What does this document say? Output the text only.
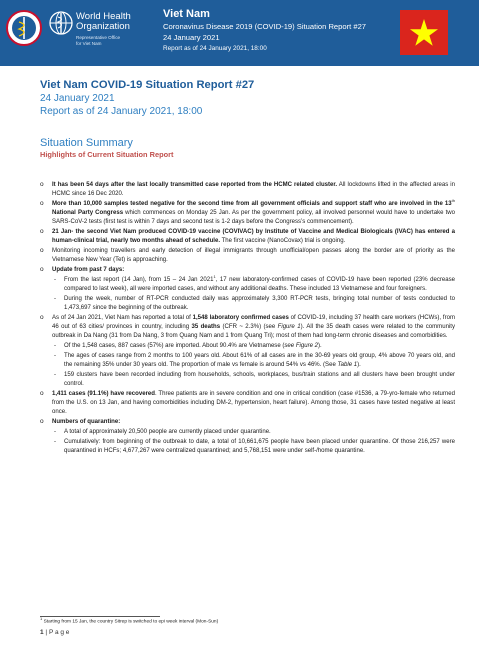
World Health
Organization
Representative Office
for Viet Nam
Viet Nam
Coronavirus Disease 2019 (COVID-19) Situation Report #27
24 January 2021
Report as of 24 January 2021, 18:00
Viet Nam COVID-19 Situation Report #27
24 January 2021
Report as of 24 January 2021, 18:00
Situation Summary
Highlights of Current Situation Report
o It has been 54 days after the last locally transmitted case reported from the HCMC related cluster. All lockdowns lifted in the affected areas in HCMC since 16 Dec 2020.
o More than 10,000 samples tested negative for the second time from all government officials and support staff who are involved in the 13th National Party Congress which commences on Monday 25 Jan. As per the government policy, all involved personnel would have to undertake two SARS-CoV-2 tests (first test is within 7 days and second test is 1-2 days before the Congress’s commencement).
o 21 Jan- the second Viet Nam produced COVID-19 vaccine (COVIVAC) by Institute of Vaccine and Medical Biologicals (IVAC) has entered a human-clinical trial, nearly two months ahead of schedule. The first vaccine (NanoCovax) trial is ongoing.
o Monitoring incoming travellers and early detection of illegal immigrants through unofficial/open passes along the border are of priority as the Vietnamese New Year (Tet) is approaching.
o Update from past 7 days:
- From the last report (14 Jan), from 15 – 24 Jan 2021$^1$, 17 new laboratory-confirmed cases of COVID-19 have been reported (23% decrease compared to last week), all were imported cases, and without any additional deaths. These included 13 Vietnamese and four foreigners.
- During the week, number of RT-PCR conducted daily was approximately 3,300 RT-PCR tests, bringing total number of tests conducted to 1,473,697 since the beginning of the outbreak.
o As of 24 Jan 2021, Viet Nam has reported a total of 1,548 laboratory confirmed cases of COVID-19, including 37 health care workers (HCWs), from 46 out of 63 cities/ provinces in country, including 35 deaths (CFR ~ 2.3%) (see Figure 1). All the 35 death cases were related to the community outbreak in Da Nang (31 from Da Nang, 3 from Quang Nam and 1 from Quang Tri); most of them had long-term chronic diseases and comorbidities.
- Of the 1,548 cases, 887 cases (57%) are imported. About 90.4% are Vietnamese (see Figure 2).
- The ages of cases range from 2 months to 100 years old. About 61% of all cases are in the 30-69 years old group, 4% above 70 years old, and the remaining 35% under 30 years old. The proportion of male vs female is around 54% vs 46%. (See Table 1).
- 159 clusters have been recorded including from households, schools, workplaces, bus/train stations and all clusters have been brought under control.
o 1,411 cases (91.1%) have recovered. Three patients are in severe condition and one in critical condition (case #1536, a 79-yro-female who returned from the U.S. on 13 Jan, and having comorbidities including DM-2, hypertension, heart failure). Among those, 31 cases have tested negative at least once.
o Numbers of quarantine:
- A total of approximately 20,500 people are currently placed under quarantine.
- Cumulatively: from beginning of the outbreak to date, a total of 10,661,675 people have been placed under quarantine. Of those 216,257 were quarantined in HCFs; 4,677,267 were centralized quarantined; and 5,768,151 were under self-/home quarantine.
$^1$ Starting from 15 Jan, the country Sitrep is switched to epi week interval (Mon-Sun)
1 | P a g e
